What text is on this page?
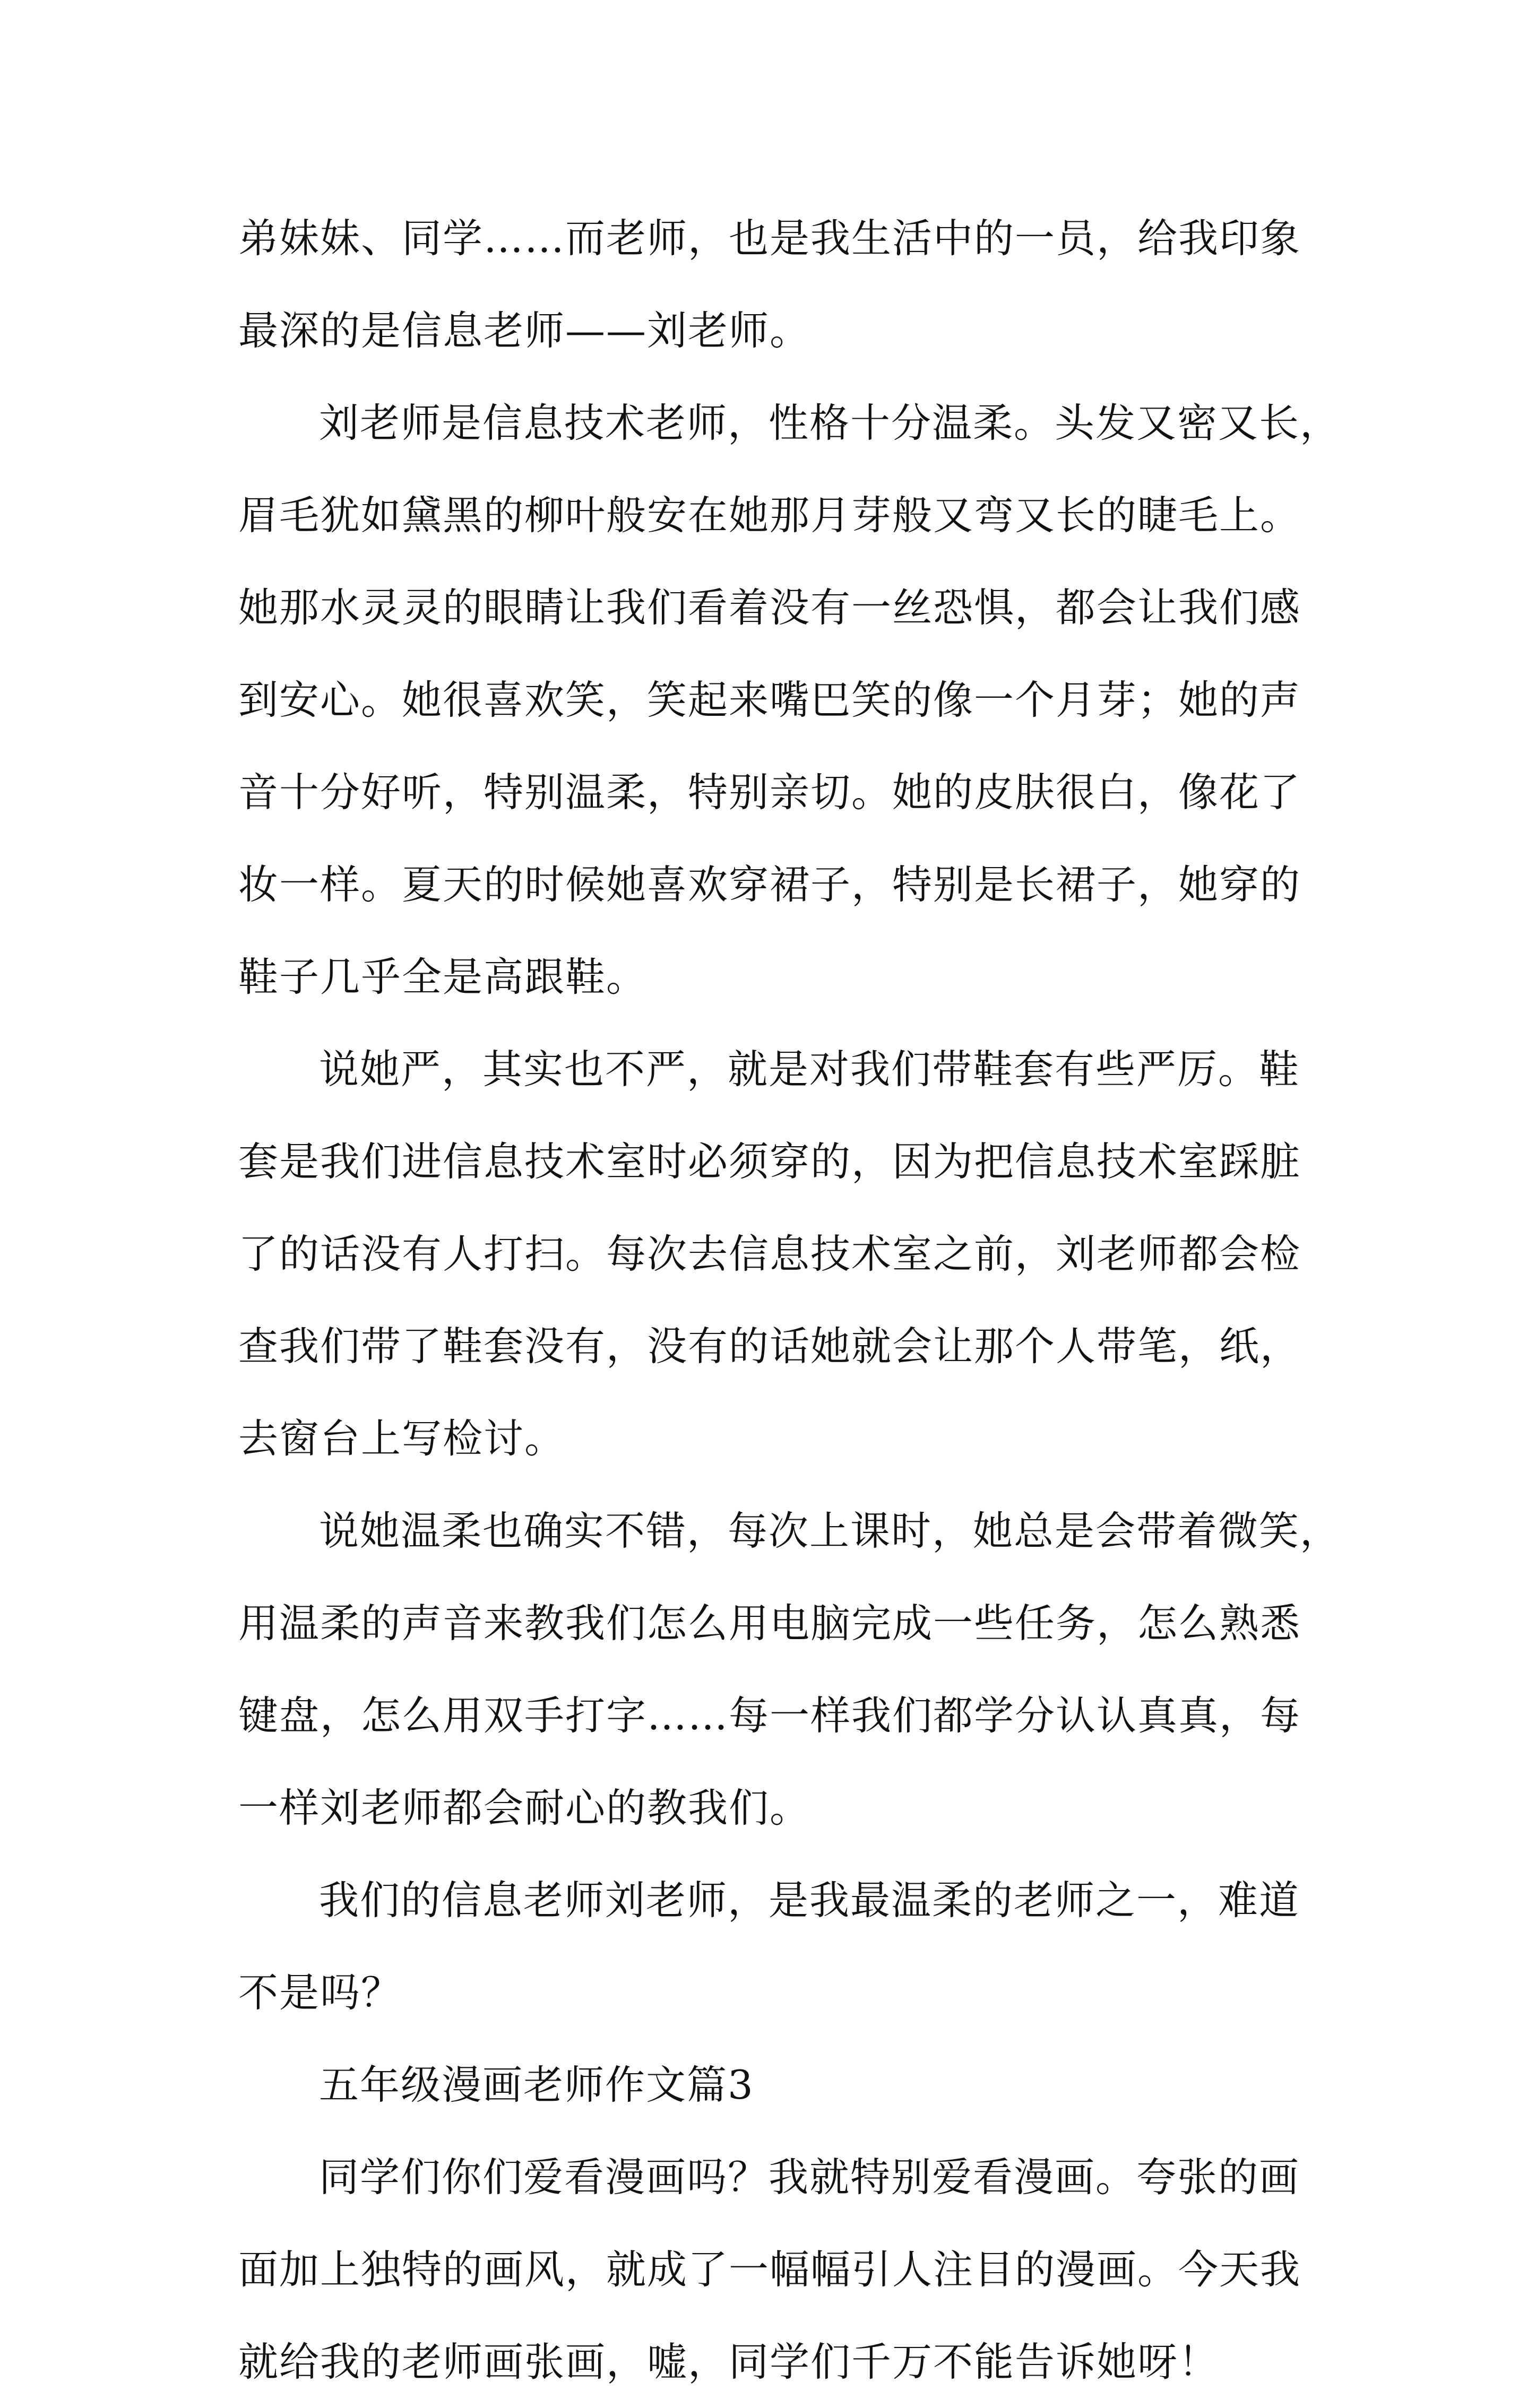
弟妹妹、同学……而老师，也是我生活中的一员，给我印象
最深的是信息老师——刘老师。
刘老师是信息技术老师，性格十分温柔。头发又密又长，
眉毛犹如黛黑的柳叶般安在她那月芽般又弯又长的睫毛上。
她那水灵灵的眼睛让我们看着没有一丝恐惧，都会让我们感
到安心。她很喜欢笑，笑起来嘴巴笑的像一个月芽；她的声
音十分好听，特别温柔，特别亲切。她的皮肤很白，像花了
妆一样。夏天的时候她喜欢穿裙子，特别是长裙子，她穿的
鞋子几乎全是高跟鞋。
说她严，其实也不严，就是对我们带鞋套有些严厉。鞋
套是我们进信息技术室时必须穿的，因为把信息技术室踩脏
了的话没有人打扫。每次去信息技术室之前，刘老师都会检
查我们带了鞋套没有，没有的话她就会让那个人带笔，纸，
去窗台上写检讨。
说她温柔也确实不错，每次上课时，她总是会带着微笑，
用温柔的声音来教我们怎么用电脑完成一些任务，怎么熟悉
键盘，怎么用双手打字……每一样我们都学分认认真真，每
一样刘老师都会耐心的教我们。
我们的信息老师刘老师，是我最温柔的老师之一，难道
不是吗？
五年级漫画老师作文篇3
同学们你们爱看漫画吗？我就特别爱看漫画。夸张的画
面加上独特的画风，就成了一幅幅引人注目的漫画。今天我
就给我的老师画张画，嘘，同学们千万不能告诉她呀！
